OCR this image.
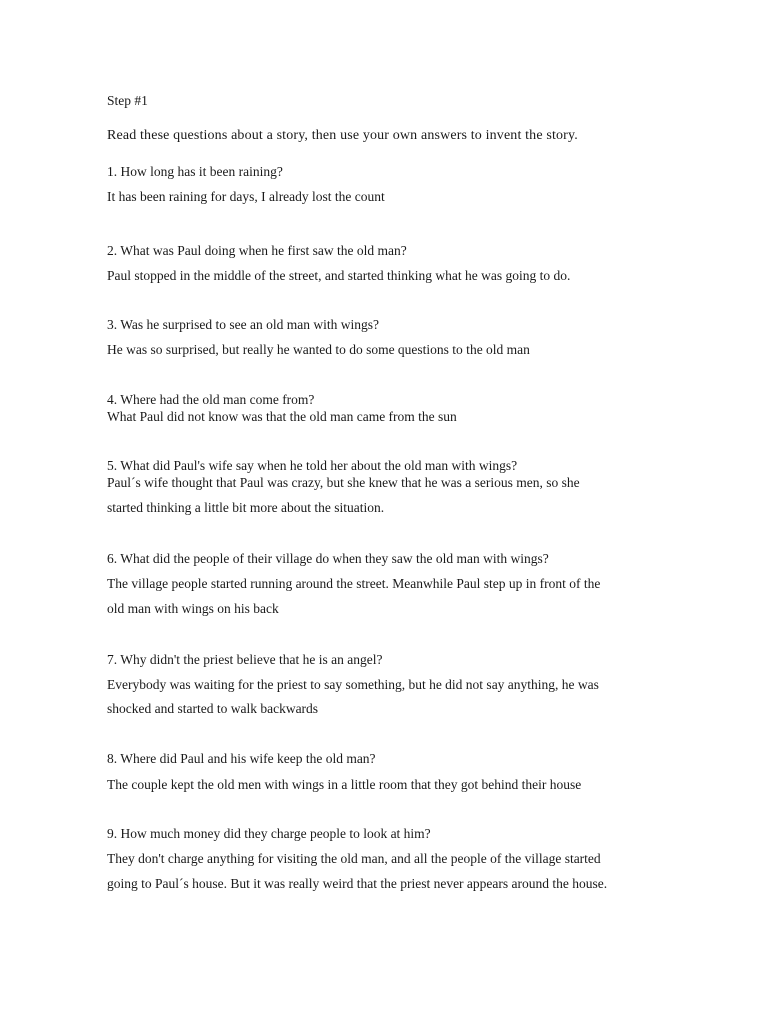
Step #1
Read these questions about a story, then use your own answers to invent the story.
1. How long has it been raining?
It has been raining for days, I already lost the count
2. What was Paul doing when he first saw the old man?
Paul stopped in the middle of the street, and started thinking what he was going to do.
3. Was he surprised to see an old man with wings?
He was so surprised, but really he wanted to do some questions to the old man
4. Where had the old man come from?
What Paul did not know was that the old man came from the sun
5. What did Paul's wife say when he told her about the old man with wings?
Paul´s wife thought that Paul was crazy, but she knew that he was a serious men, so she
started thinking a little bit more about the situation.
6. What did the people of their village do when they saw the old man with wings?
The village people started running around the street. Meanwhile Paul step up in front of the
old man with wings on his back
7. Why didn't the priest believe that he is an angel?
Everybody was waiting for the priest to say something, but he did not say anything, he was
shocked and started to walk backwards
8. Where did Paul and his wife keep the old man?
The couple kept the old men with wings in a little room that they got behind their house
9. How much money did they charge people to look at him?
They don't charge anything for visiting the old man, and all the people of the village started
going to Paul´s house. But it was really weird that the priest never appears around the house.
